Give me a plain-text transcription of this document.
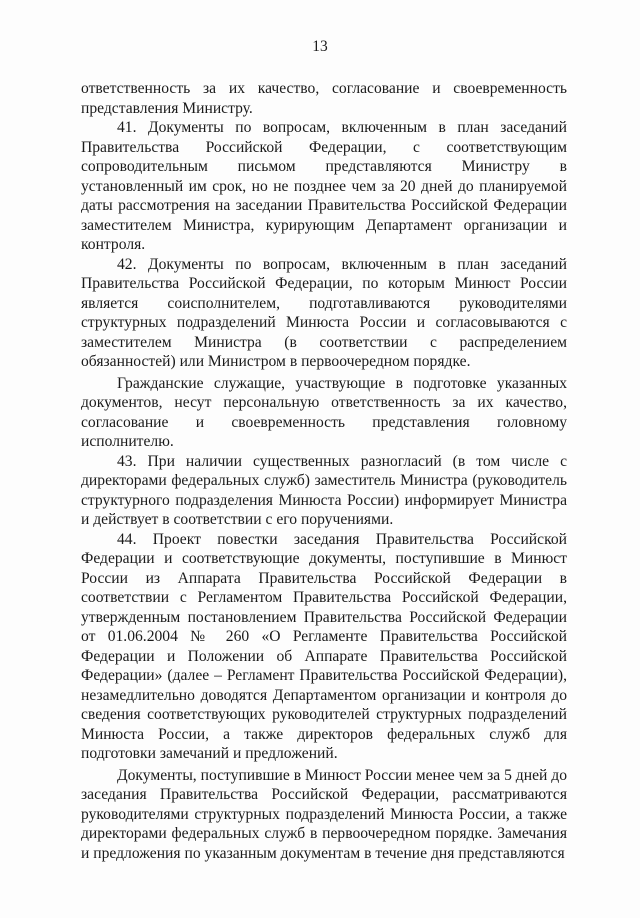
13

ответственность за их качество, согласование и своевременность представления Министру.

41. Документы по вопросам, включенным в план заседаний Правительства Российской Федерации, с соответствующим сопроводительным письмом представляются Министру в установленный им срок, но не позднее чем за 20 дней до планируемой даты рассмотрения на заседании Правительства Российской Федерации заместителем Министра, курирующим Департамент организации и контроля.

42. Документы по вопросам, включенным в план заседаний Правительства Российской Федерации, по которым Минюст России является соисполнителем, подготавливаются руководителями структурных подразделений Минюста России и согласовываются с заместителем Министра (в соответствии с распределением обязанностей) или Министром в первоочередном порядке.

Гражданские служащие, участвующие в подготовке указанных документов, несут персональную ответственность за их качество, согласование и своевременность представления головному исполнителю.

43. При наличии существенных разногласий (в том числе с директорами федеральных служб) заместитель Министра (руководитель структурного подразделения Минюста России) информирует Министра и действует в соответствии с его поручениями.

44. Проект повестки заседания Правительства Российской Федерации и соответствующие документы, поступившие в Минюст России из Аппарата Правительства Российской Федерации в соответствии с Регламентом Правительства Российской Федерации, утвержденным постановлением Правительства Российской Федерации от 01.06.2004 № 260 «О Регламенте Правительства Российской Федерации и Положении об Аппарате Правительства Российской Федерации» (далее – Регламент Правительства Российской Федерации), незамедлительно доводятся Департаментом организации и контроля до сведения соответствующих руководителей структурных подразделений Минюста России, а также директоров федеральных служб для подготовки замечаний и предложений.

Документы, поступившие в Минюст России менее чем за 5 дней до заседания Правительства Российской Федерации, рассматриваются руководителями структурных подразделений Минюста России, а также директорами федеральных служб в первоочередном порядке. Замечания и предложения по указанным документам в течение дня представляются
